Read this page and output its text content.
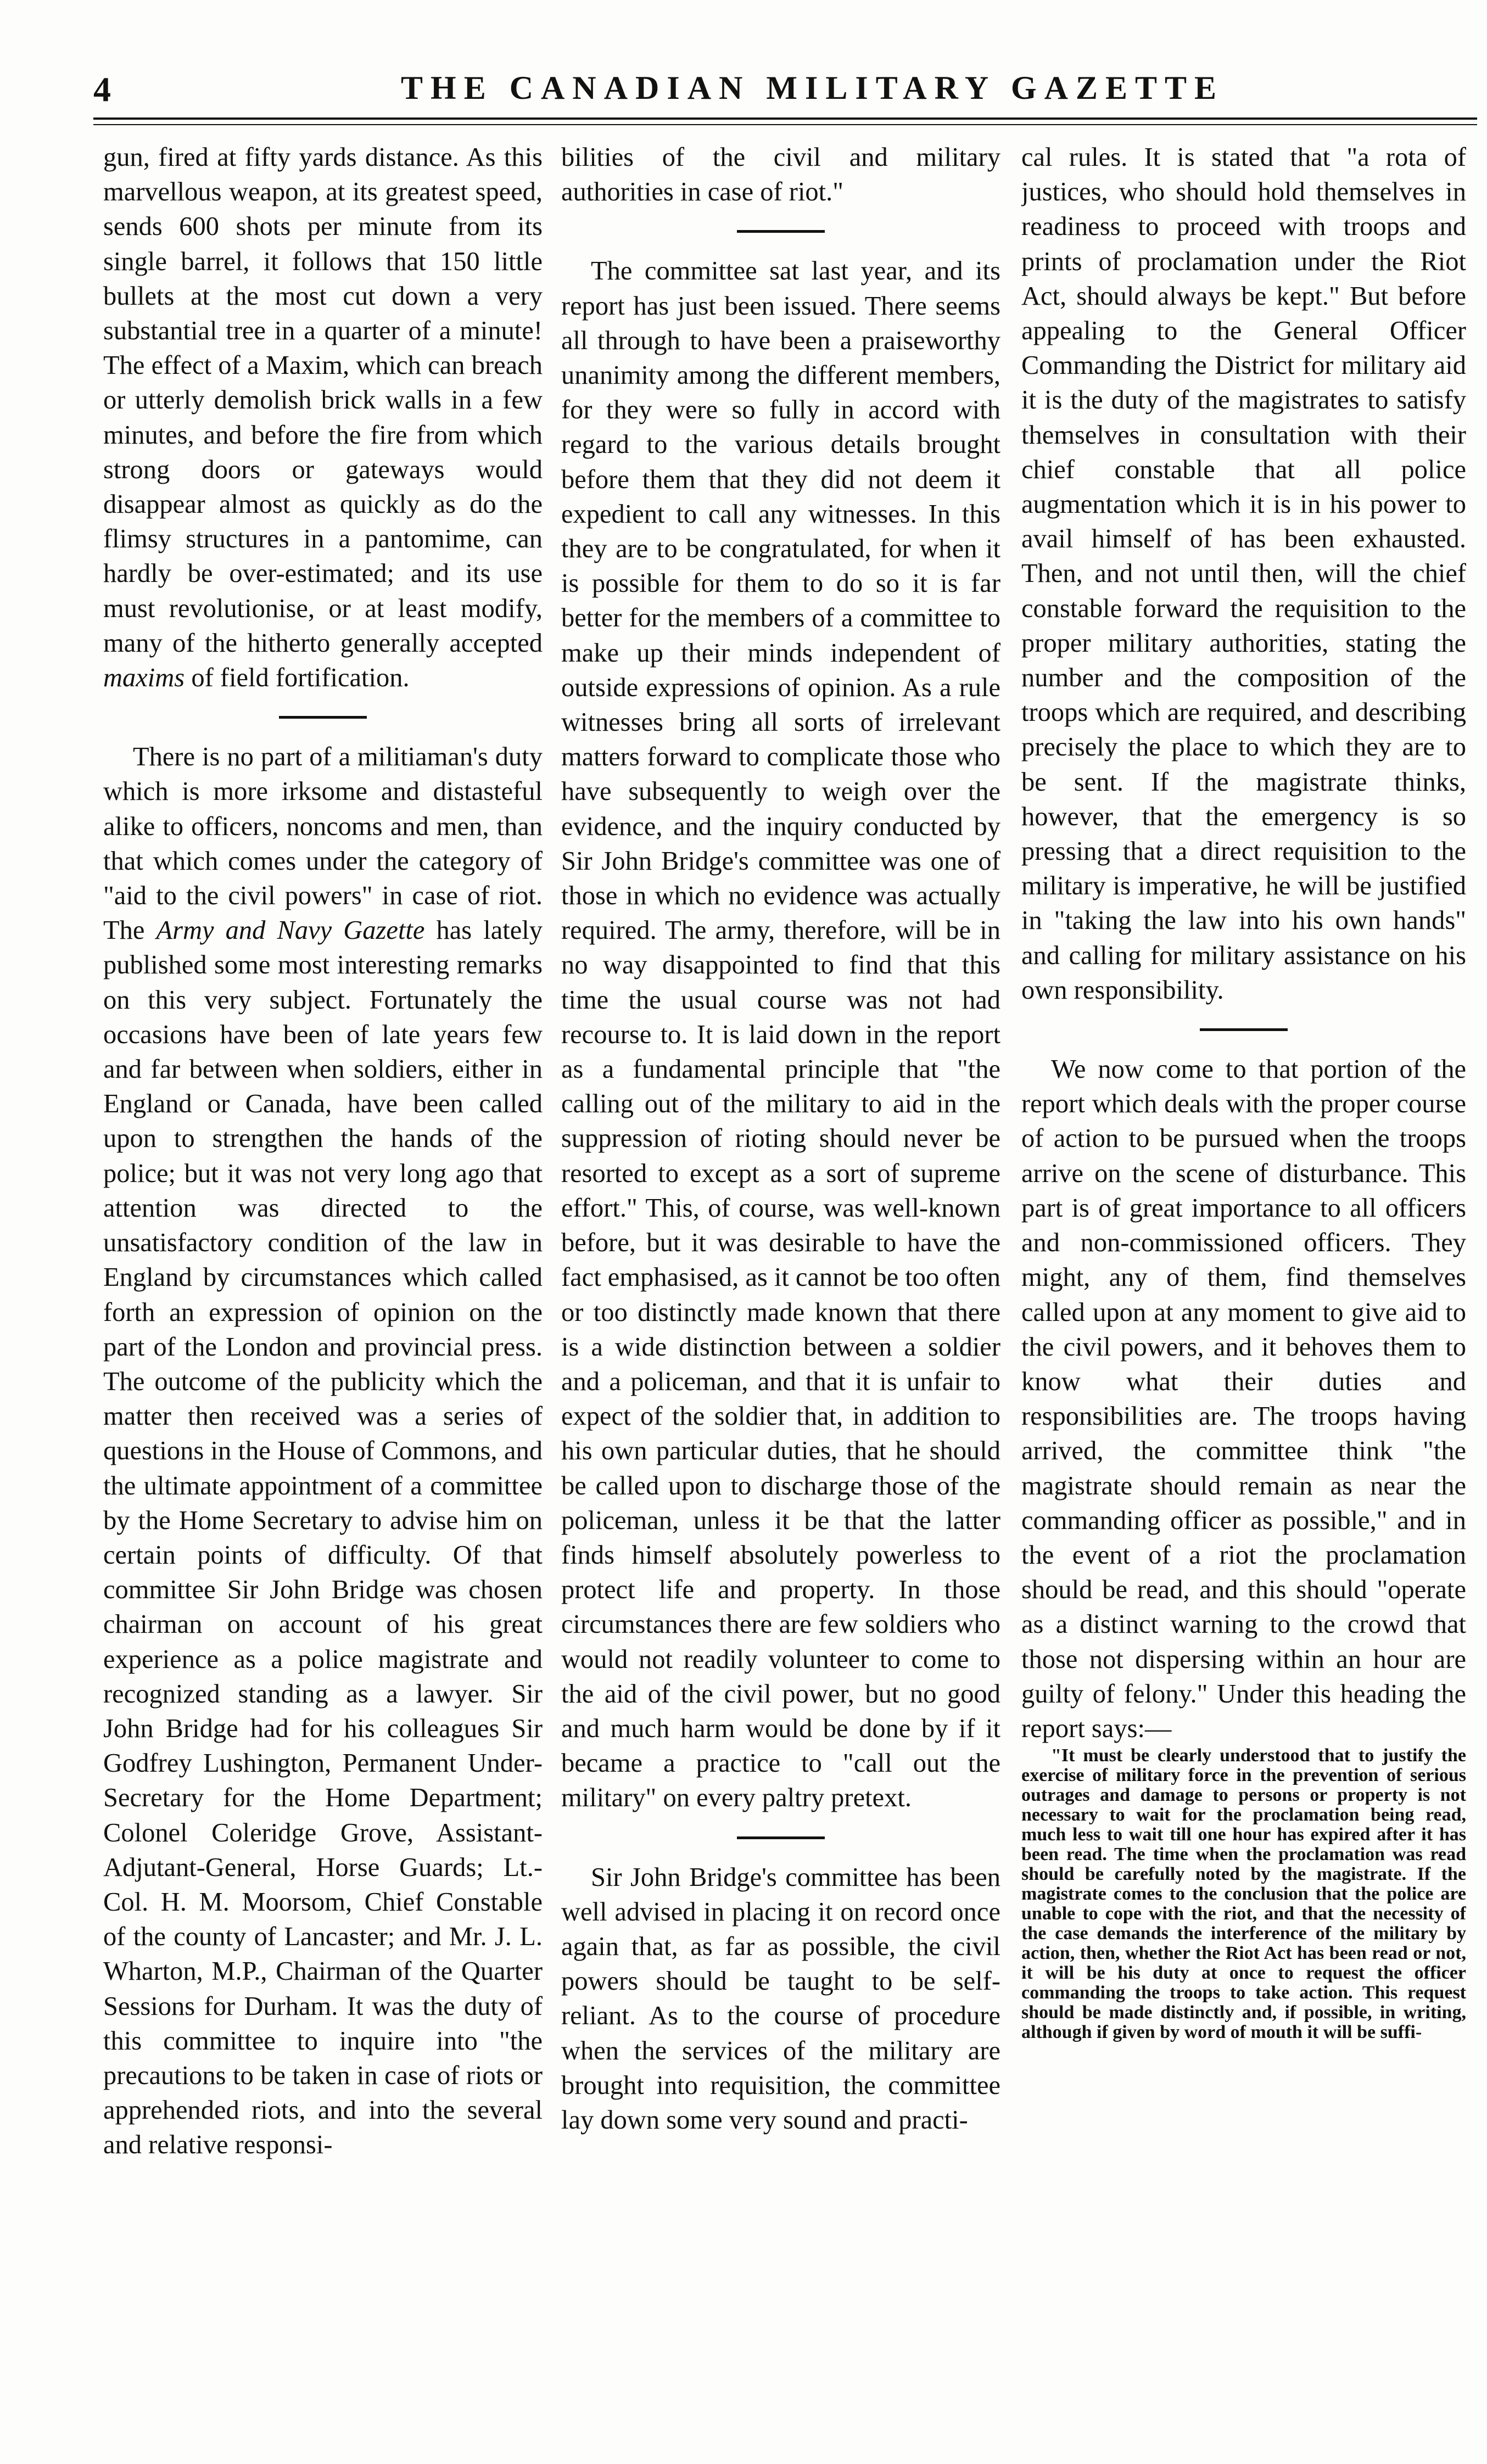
4	THE CANADIAN MILITARY GAZETTE

gun, fired at fifty yards distance. As this marvellous weapon, at its greatest speed, sends 600 shots per minute from its single barrel, it follows that 150 little bullets at the most cut down a very substantial tree in a quarter of a minute! The effect of a Maxim, which can breach or utterly demolish brick walls in a few minutes, and before the fire from which strong doors or gateways would disappear almost as quickly as do the flimsy structures in a pantomime, can hardly be over-estimated; and its use must revolutionise, or at least modify, many of the hitherto generally accepted maxims of field fortification.

There is no part of a militiaman's duty which is more irksome and distasteful alike to officers, noncoms and men, than that which comes under the category of "aid to the civil powers" in case of riot. The Army and Navy Gazette has lately published some most interesting remarks on this very subject. Fortunately the occasions have been of late years few and far between when soldiers, either in England or Canada, have been called upon to strengthen the hands of the police; but it was not very long ago that attention was directed to the unsatisfactory condition of the law in England by circumstances which called forth an expression of opinion on the part of the London and provincial press. The outcome of the publicity which the matter then received was a series of questions in the House of Commons, and the ultimate appointment of a committee by the Home Secretary to advise him on certain points of difficulty. Of that committee Sir John Bridge was chosen chairman on account of his great experience as a police magistrate and recognized standing as a lawyer. Sir John Bridge had for his colleagues Sir Godfrey Lushington, Permanent Under-Secretary for the Home Department; Colonel Coleridge Grove, Assistant-Adjutant-General, Horse Guards; Lt.-Col. H. M. Moorsom, Chief Constable of the county of Lancaster; and Mr. J. L. Wharton, M.P., Chairman of the Quarter Sessions for Durham. It was the duty of this committee to inquire into "the precautions to be taken in case of riots or apprehended riots, and into the several and relative responsi-

bilities of the civil and military authorities in case of riot."

The committee sat last year, and its report has just been issued. There seems all through to have been a praiseworthy unanimity among the different members, for they were so fully in accord with regard to the various details brought before them that they did not deem it expedient to call any witnesses. In this they are to be congratulated, for when it is possible for them to do so it is far better for the members of a committee to make up their minds independent of outside expressions of opinion. As a rule witnesses bring all sorts of irrelevant matters forward to complicate those who have subsequently to weigh over the evidence, and the inquiry conducted by Sir John Bridge's committee was one of those in which no evidence was actually required. The army, therefore, will be in no way disappointed to find that this time the usual course was not had recourse to. It is laid down in the report as a fundamental principle that "the calling out of the military to aid in the suppression of rioting should never be resorted to except as a sort of supreme effort." This, of course, was well-known before, but it was desirable to have the fact emphasised, as it cannot be too often or too distinctly made known that there is a wide distinction between a soldier and a policeman, and that it is unfair to expect of the soldier that, in addition to his own particular duties, that he should be called upon to discharge those of the policeman, unless it be that the latter finds himself absolutely powerless to protect life and property. In those circumstances there are few soldiers who would not readily volunteer to come to the aid of the civil power, but no good and much harm would be done by if it became a practice to "call out the military" on every paltry pretext.

Sir John Bridge's committee has been well advised in placing it on record once again that, as far as possible, the civil powers should be taught to be self-reliant. As to the course of procedure when the services of the military are brought into requisition, the committee lay down some very sound and practi-

cal rules. It is stated that "a rota of justices, who should hold themselves in readiness to proceed with troops and prints of proclamation under the Riot Act, should always be kept." But before appealing to the General Officer Commanding the District for military aid it is the duty of the magistrates to satisfy themselves in consultation with their chief constable that all police augmentation which it is in his power to avail himself of has been exhausted. Then, and not until then, will the chief constable forward the requisition to the proper military authorities, stating the number and the composition of the troops which are required, and describing precisely the place to which they are to be sent. If the magistrate thinks, however, that the emergency is so pressing that a direct requisition to the military is imperative, he will be justified in "taking the law into his own hands" and calling for military assistance on his own responsibility.

We now come to that portion of the report which deals with the proper course of action to be pursued when the troops arrive on the scene of disturbance. This part is of great importance to all officers and non-commissioned officers. They might, any of them, find themselves called upon at any moment to give aid to the civil powers, and it behoves them to know what their duties and responsibilities are. The troops having arrived, the committee think "the magistrate should remain as near the commanding officer as possible," and in the event of a riot the proclamation should be read, and this should "operate as a distinct warning to the crowd that those not dispersing within an hour are guilty of felony." Under this heading the report says:—

"It must be clearly understood that to justify the exercise of military force in the prevention of serious outrages and damage to persons or property is not necessary to wait for the proclamation being read, much less to wait till one hour has expired after it has been read. The time when the proclamation was read should be carefully noted by the magistrate. If the magistrate comes to the conclusion that the police are unable to cope with the riot, and that the necessity of the case demands the interference of the military by action, then, whether the Riot Act has been read or not, it will be his duty at once to request the officer commanding the troops to take action. This request should be made distinctly and, if possible, in writing, although if given by word of mouth it will be suffi-
